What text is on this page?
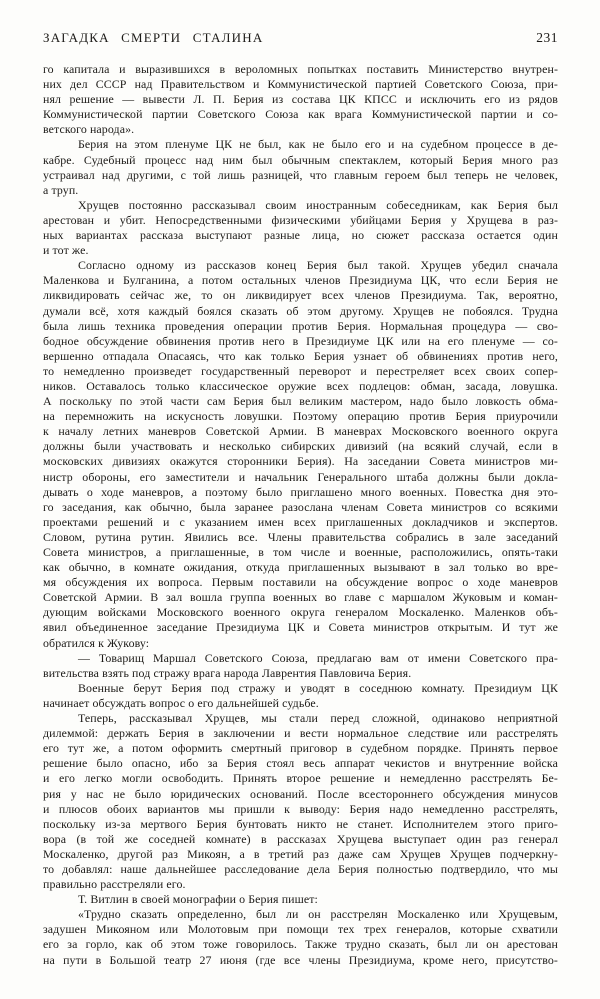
ЗАГАДКА СМЕРТИ СТАЛИНА	231
го капитала и выразившихся в вероломных попытках поставить Министерство внутрен-
них дел СССР над Правительством и Коммунистической партией Советского Союза, при-
нял решение — вывести Л. П. Берия из состава ЦК КПСС и исключить его из рядов
Коммунистической партии Советского Союза как врага Коммунистической партии и со-
ветского народа».
Берия на этом пленуме ЦК не был, как не было его и на судебном процессе в де-
кабре. Судебный процесс над ним был обычным спектаклем, который Берия много раз
устраивал над другими, с той лишь разницей, что главным героем был теперь не человек,
а труп.
Хрущев постоянно рассказывал своим иностранным собеседникам, как Берия был
арестован и убит. Непосредственными физическими убийцами Берия у Хрущева в раз-
ных вариантах рассказа выступают разные лица, но сюжет рассказа остается один
и тот же.
Согласно одному из рассказов конец Берия был такой. Хрущев убедил сначала
Маленкова и Булганина, а потом остальных членов Президиума ЦК, что если Берия не
ликвидировать сейчас же, то он ликвидирует всех членов Президиума. Так, вероятно,
думали всё, хотя каждый боялся сказать об этом другому. Хрущев не побоялся. Трудна
была лишь техника проведения операции против Берия. Нормальная процедура — сво-
бодное обсуждение обвинения против него в Президиуме ЦК или на его пленуме — со-
вершенно отпадала Опасаясь, что как только Берия узнает об обвинениях против него,
то немедленно произведет государственный переворот и перестреляет всех своих сопер-
ников. Оставалось только классическое оружие всех подлецов: обман, засада, ловушка.
А поскольку по этой части сам Берия был великим мастером, надо было ловкость обма-
на перемножить на искусность ловушки. Поэтому операцию против Берия приурочили
к началу летних маневров Советской Армии. В маневрах Московского военного округа
должны были участвовать и несколько сибирских дивизий (на всякий случай, если в
московских дивизиях окажутся сторонники Берия). На заседании Совета министров ми-
нистр обороны, его заместители и начальник Генерального штаба должны были докла-
дывать о ходе маневров, а поэтому было приглашено много военных. Повестка дня это-
го заседания, как обычно, была заранее разослана членам Совета министров со всякими
проектами решений и с указанием имен всех приглашенных докладчиков и экспертов.
Словом, рутина рутин. Явились все. Члены правительства собрались в зале заседаний
Совета министров, а приглашенные, в том числе и военные, расположились, опять-таки
как обычно, в комнате ожидания, откуда приглашенных вызывают в зал только во вре-
мя обсуждения их вопроса. Первым поставили на обсуждение вопрос о ходе маневров
Советской Армии. В зал вошла группа военных во главе с маршалом Жуковым и коман-
дующим войсками Московского военного округа генералом Москаленко. Маленков объ-
явил объединенное заседание Президиума ЦК и Совета министров открытым. И тут же
обратился к Жукову:
— Товарищ Маршал Советского Союза, предлагаю вам от имени Советского пра-
вительства взять под стражу врага народа Лаврентия Павловича Берия.
Военные берут Берия под стражу и уводят в соседнюю комнату. Президиум ЦК
начинает обсуждать вопрос о его дальнейшей судьбе.
Теперь, рассказывал Хрущев, мы стали перед сложной, одинаково неприятной
дилеммой: держать Берия в заключении и вести нормальное следствие или расстрелять
его тут же, а потом оформить смертный приговор в судебном порядке. Принять первое
решение было опасно, ибо за Берия стоял весь аппарат чекистов и внутренние войска
и его легко могли освободить. Принять второе решение и немедленно расстрелять Бе-
рия у нас не было юридических оснований. После всестороннего обсуждения минусов
и плюсов обоих вариантов мы пришли к выводу: Берия надо немедленно расстрелять,
поскольку из-за мертвого Берия бунтовать никто не станет. Исполнителем этого приго-
вора (в той же соседней комнате) в рассказах Хрущева выступает один раз генерал
Москаленко, другой раз Микоян, а в третий раз даже сам Хрущев Хрущев подчеркну-
то добавлял: наше дальнейшее расследование дела Берия полностью подтвердило, что мы
правильно расстреляли его.
Т. Витлин в своей монографии о Берия пишет:
«Трудно сказать определенно, был ли он расстрелян Москаленко или Хрущевым,
задушен Микояном или Молотовым при помощи тех трех генералов, которые схватили
его за горло, как об этом тоже говорилось. Также трудно сказать, был ли он арестован
на пути в Большой театр 27 июня (где все члены Президиума, кроме него, присутство-
